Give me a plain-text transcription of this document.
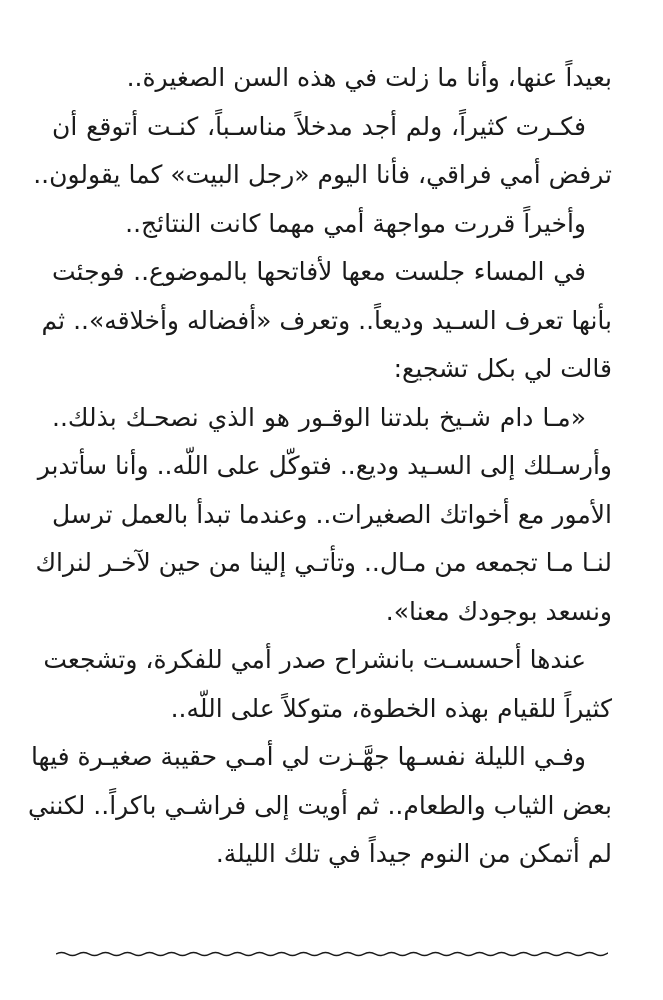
بعيداً عنها، وأنا ما زلت في هذه السن الصغيرة..
فكـرت كثيراً، ولم أجد مدخلاً مناسـباً، كنـت أتوقع أن
ترفض أمي فراقي، فأنا اليوم «رجل البيت» كما يقولون..
وأخيراً قررت مواجهة أمي مهما كانت النتائج..
في المساء جلست معها لأفاتحها بالموضوع.. فوجئت
بأنها تعرف السـيد وديعاً.. وتعرف «أفضاله وأخلاقه».. ثم
قالت لي بكل تشجيع:
«مـا دام شـيخ بلدتنا الوقـور هو الذي نصحـك بذلك..
وأرسـلك إلى السـيد وديع.. فتوكّل على اللّه.. وأنا سأتدبر
الأمور مع أخواتك الصغيرات.. وعندما تبدأ بالعمل ترسل
لنـا مـا تجمعه من مـال.. وتأتـي إلينا من حين لآخـر لنراك
ونسعد بوجودك معنا».
عندها أحسسـت بانشراح صدر أمي للفكرة، وتشجعت
كثيراً للقيام بهذه الخطوة، متوكلاً على اللّه..
وفـي الليلة نفسـها جهَّـزت لي أمـي حقيبة صغيـرة فيها
بعض الثياب والطعام.. ثم أويت إلى فراشـي باكراً.. لكنني
لم أتمكن من النوم جيداً في تلك الليلة.
